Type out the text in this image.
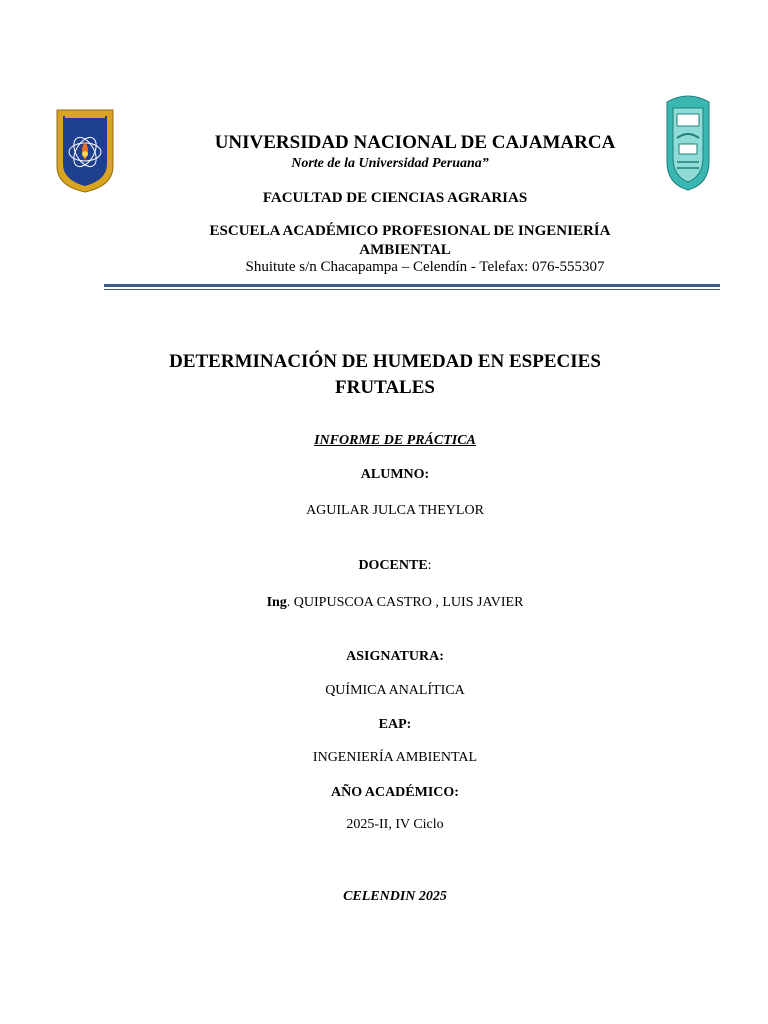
UNIVERSIDAD NACIONAL DE CAJAMARCA
Norte de la Universidad Peruana”
FACULTAD DE CIENCIAS AGRARIAS
ESCUELA ACADÉMICO PROFESIONAL DE INGENIERÍA
AMBIENTAL
Shuitute s/n Chacapampa – Celendín - Telefax: 076-555307
DETERMINACIÓN DE HUMEDAD EN ESPECIES
FRUTALES
INFORME DE PRÁCTICA
ALUMNO:
AGUILAR JULCA THEYLOR
DOCENTE:
Ing. QUIPUSCOA CASTRO , LUIS JAVIER
ASIGNATURA:
QUÍMICA ANALÍTICA
EAP:
INGENIERÍA AMBIENTAL
AÑO ACADÉMICO:
2025-II, IV Ciclo
CELENDIN 2025
